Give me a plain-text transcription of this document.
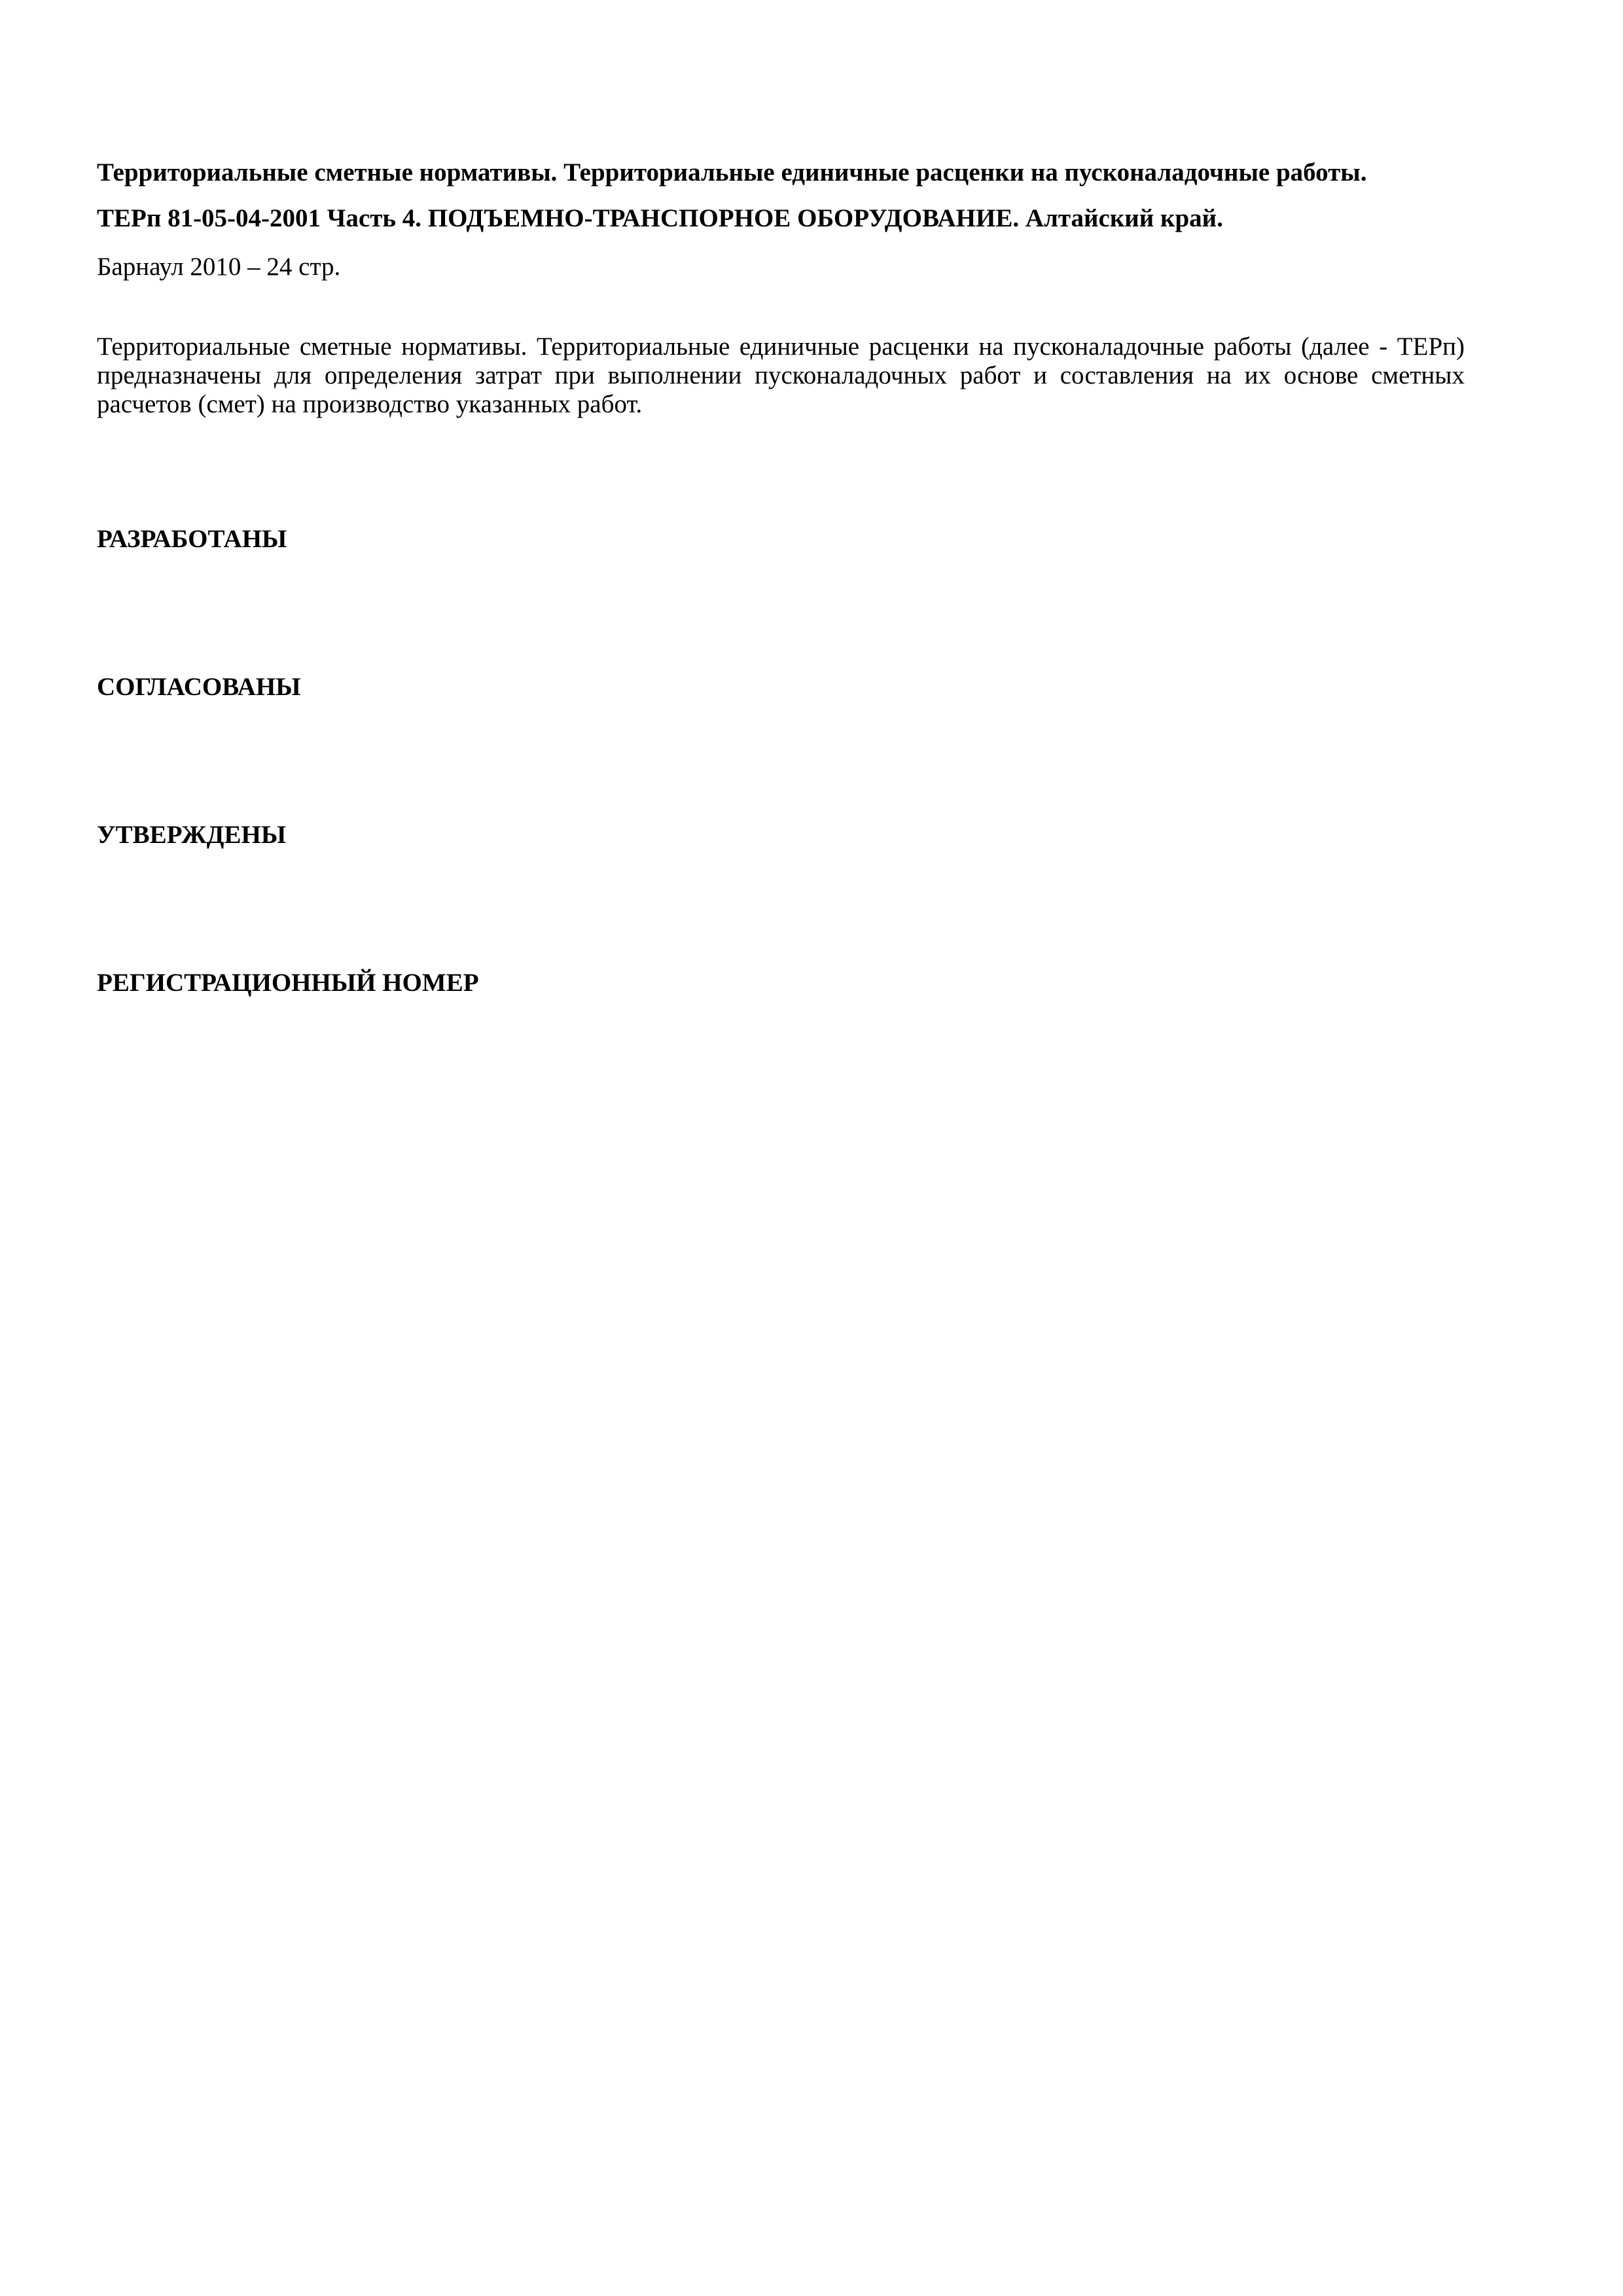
Территориальные сметные нормативы. Территориальные единичные расценки на пусконаладочные работы.

ТЕРп 81-05-04-2001 Часть 4. ПОДЪЕМНО-ТРАНСПОРНОЕ ОБОРУДОВАНИЕ. Алтайский край.

Барнаул 2010 – 24 стр.

Территориальные сметные нормативы. Территориальные единичные расценки на пусконаладочные работы (далее - ТЕРп) предназначены для определения затрат при выполнении пусконаладочных работ и составления на их основе сметных расчетов (смет) на производство указанных работ.

РАЗРАБОТАНЫ

СОГЛАСОВАНЫ

УТВЕРЖДЕНЫ

РЕГИСТРАЦИОННЫЙ НОМЕР
